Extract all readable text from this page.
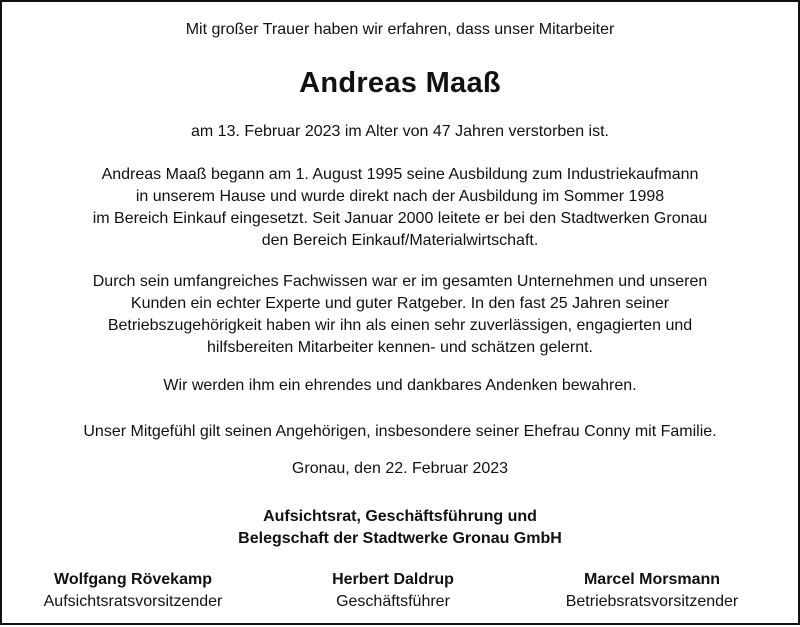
Mit großer Trauer haben wir erfahren, dass unser Mitarbeiter
Andreas Maaß
am 13. Februar 2023 im Alter von 47 Jahren verstorben ist.
Andreas Maaß begann am 1. August 1995 seine Ausbildung zum Industriekaufmann
in unserem Hause und wurde direkt nach der Ausbildung im Sommer 1998
im Bereich Einkauf eingesetzt. Seit Januar 2000 leitete er bei den Stadtwerken Gronau
den Bereich Einkauf/Materialwirtschaft.
Durch sein umfangreiches Fachwissen war er im gesamten Unternehmen und unseren
Kunden ein echter Experte und guter Ratgeber. In den fast 25 Jahren seiner
Betriebszugehörigkeit haben wir ihn als einen sehr zuverlässigen, engagierten und
hilfsbereiten Mitarbeiter kennen- und schätzen gelernt.
Wir werden ihm ein ehrendes und dankbares Andenken bewahren.
Unser Mitgefühl gilt seinen Angehörigen, insbesondere seiner Ehefrau Conny mit Familie.
Gronau, den 22. Februar 2023
Aufsichtsrat, Geschäftsführung und
Belegschaft der Stadtwerke Gronau GmbH
Wolfgang Rövekamp
Aufsichtsratsvorsitzender
Herbert Daldrup
Geschäftsführer
Marcel Morsmann
Betriebsratsvorsitzender
